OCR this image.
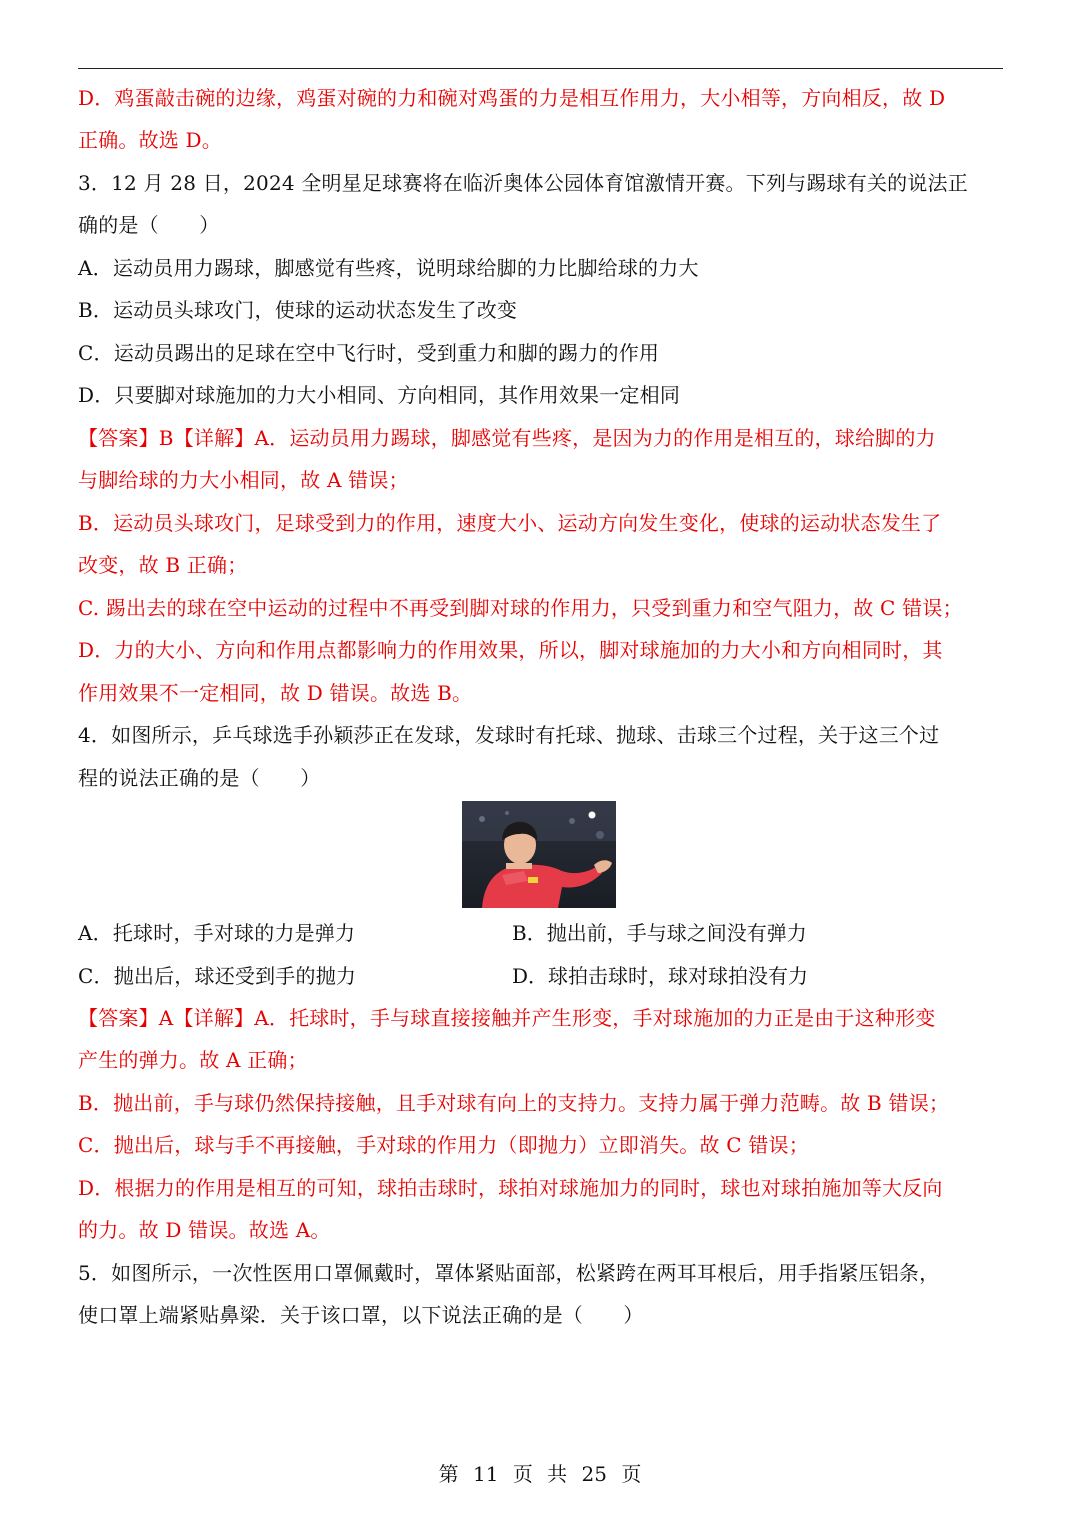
D．鸡蛋敲击碗的边缘，鸡蛋对碗的力和碗对鸡蛋的力是相互作用力，大小相等，方向相反，故 D
正确。故选 D。
3．12 月 28 日，2024 全明星足球赛将在临沂奥体公园体育馆激情开赛。下列与踢球有关的说法正
确的是（　　）
A．运动员用力踢球，脚感觉有些疼，说明球给脚的力比脚给球的力大
B．运动员头球攻门，使球的运动状态发生了改变
C．运动员踢出的足球在空中飞行时，受到重力和脚的踢力的作用
D．只要脚对球施加的力大小相同、方向相同，其作用效果一定相同
【答案】B【详解】A．运动员用力踢球，脚感觉有些疼，是因为力的作用是相互的，球给脚的力
与脚给球的力大小相同，故 A 错误；
B．运动员头球攻门，足球受到力的作用，速度大小、运动方向发生变化，使球的运动状态发生了
改变，故 B 正确；
C. 踢出去的球在空中运动的过程中不再受到脚对球的作用力，只受到重力和空气阻力，故 C 错误；
D．力的大小、方向和作用点都影响力的作用效果，所以，脚对球施加的力大小和方向相同时，其
作用效果不一定相同，故 D 错误。故选 B。
4．如图所示，乒乓球选手孙颖莎正在发球，发球时有托球、抛球、击球三个过程，关于这三个过
程的说法正确的是（　　）
A．托球时，手对球的力是弹力	B．抛出前，手与球之间没有弹力
C．抛出后，球还受到手的抛力	D．球拍击球时，球对球拍没有力
【答案】A【详解】A．托球时，手与球直接接触并产生形变，手对球施加的力正是由于这种形变
产生的弹力。故 A 正确；
B．抛出前，手与球仍然保持接触，且手对球有向上的支持力。支持力属于弹力范畴。故 B 错误；
C．抛出后，球与手不再接触，手对球的作用力（即抛力）立即消失。故 C 错误；
D．根据力的作用是相互的可知，球拍击球时，球拍对球施加力的同时，球也对球拍施加等大反向
的力。故 D 错误。故选 A。
5．如图所示，一次性医用口罩佩戴时，罩体紧贴面部，松紧跨在两耳耳根后，用手指紧压铝条，
使口罩上端紧贴鼻梁．关于该口罩，以下说法正确的是（　　）
第 11 页 共 25 页
